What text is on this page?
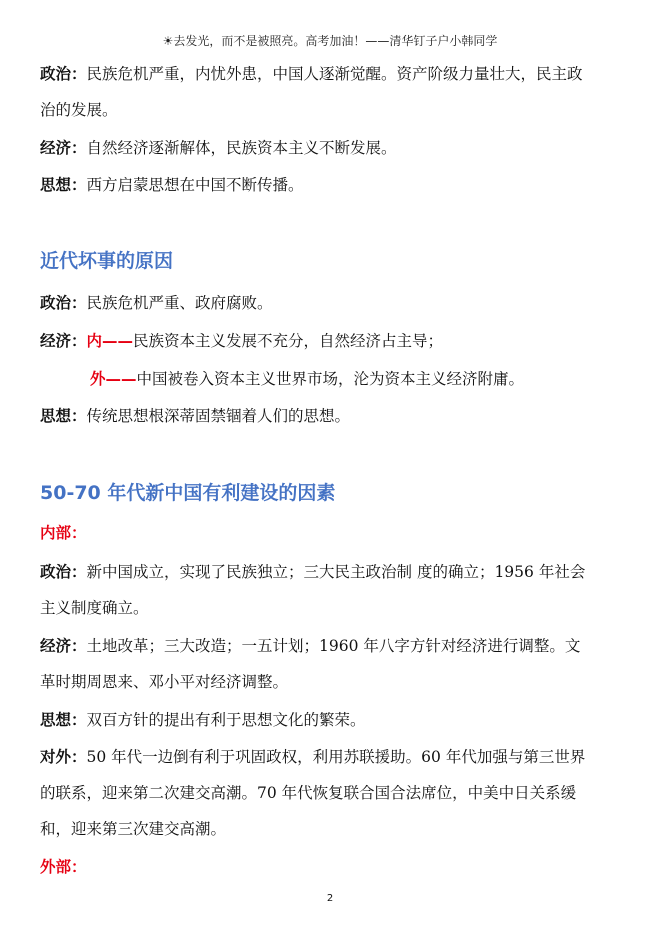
☀去发光，而不是被照亮。高考加油！——清华钉子户小韩同学
政治：民族危机严重，内忧外患，中国人逐渐觉醒。资产阶级力量壮大，民主政
治的发展。
经济：自然经济逐渐解体，民族资本主义不断发展。
思想：西方启蒙思想在中国不断传播。
近代坏事的原因
政治：民族危机严重、政府腐败。
经济：内——民族资本主义发展不充分，自然经济占主导；
外——中国被卷入资本主义世界市场，沦为资本主义经济附庸。
思想：传统思想根深蒂固禁锢着人们的思想。
50-70 年代新中国有利建设的因素
内部：
政治：新中国成立，实现了民族独立；三大民主政治制 度的确立；1956 年社会
主义制度确立。
经济：土地改革；三大改造；一五计划；1960 年八字方针对经济进行调整。文
革时期周恩来、邓小平对经济调整。
思想：双百方针的提出有利于思想文化的繁荣。
对外：50 年代一边倒有利于巩固政权，利用苏联援助。60 年代加强与第三世界
的联系，迎来第二次建交高潮。70 年代恢复联合国合法席位，中美中日关系缓
和，迎来第三次建交高潮。
外部：
2
